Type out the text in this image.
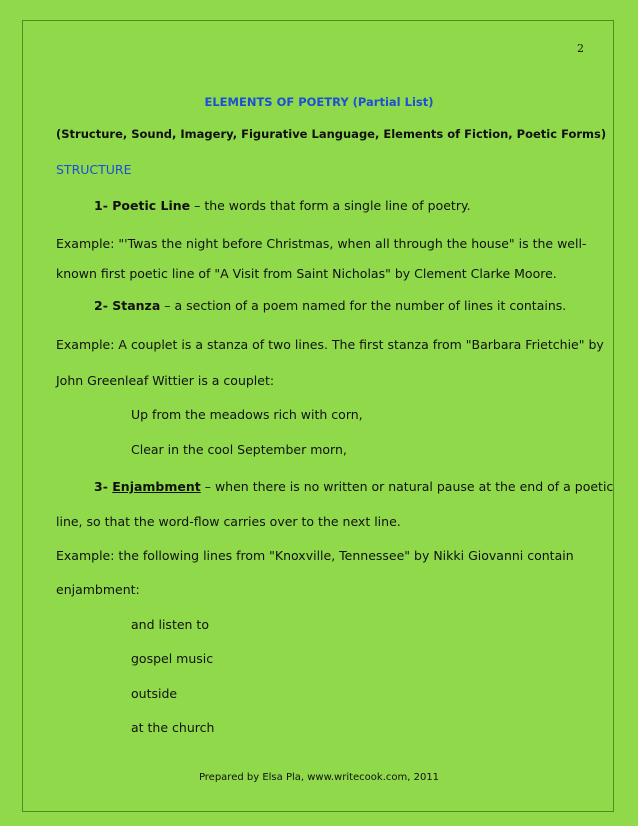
2
ELEMENTS OF POETRY (Partial List)
(Structure, Sound, Imagery, Figurative Language, Elements of Fiction, Poetic Forms)
STRUCTURE
1- Poetic Line – the words that form a single line of poetry.
Example: "'Twas the night before Christmas, when all through the house" is the well-
known first poetic line of "A Visit from Saint Nicholas" by Clement Clarke Moore.
2- Stanza – a section of a poem named for the number of lines it contains.
Example: A couplet is a stanza of two lines. The first stanza from "Barbara Frietchie" by
John Greenleaf Wittier is a couplet:
Up from the meadows rich with corn,
Clear in the cool September morn,
3- Enjambment – when there is no written or natural pause at the end of a poetic
line, so that the word-flow carries over to the next line.
Example: the following lines from "Knoxville, Tennessee" by Nikki Giovanni contain
enjambment:
and listen to
gospel music
outside
at the church
Prepared by Elsa Pla, www.writecook.com, 2011
